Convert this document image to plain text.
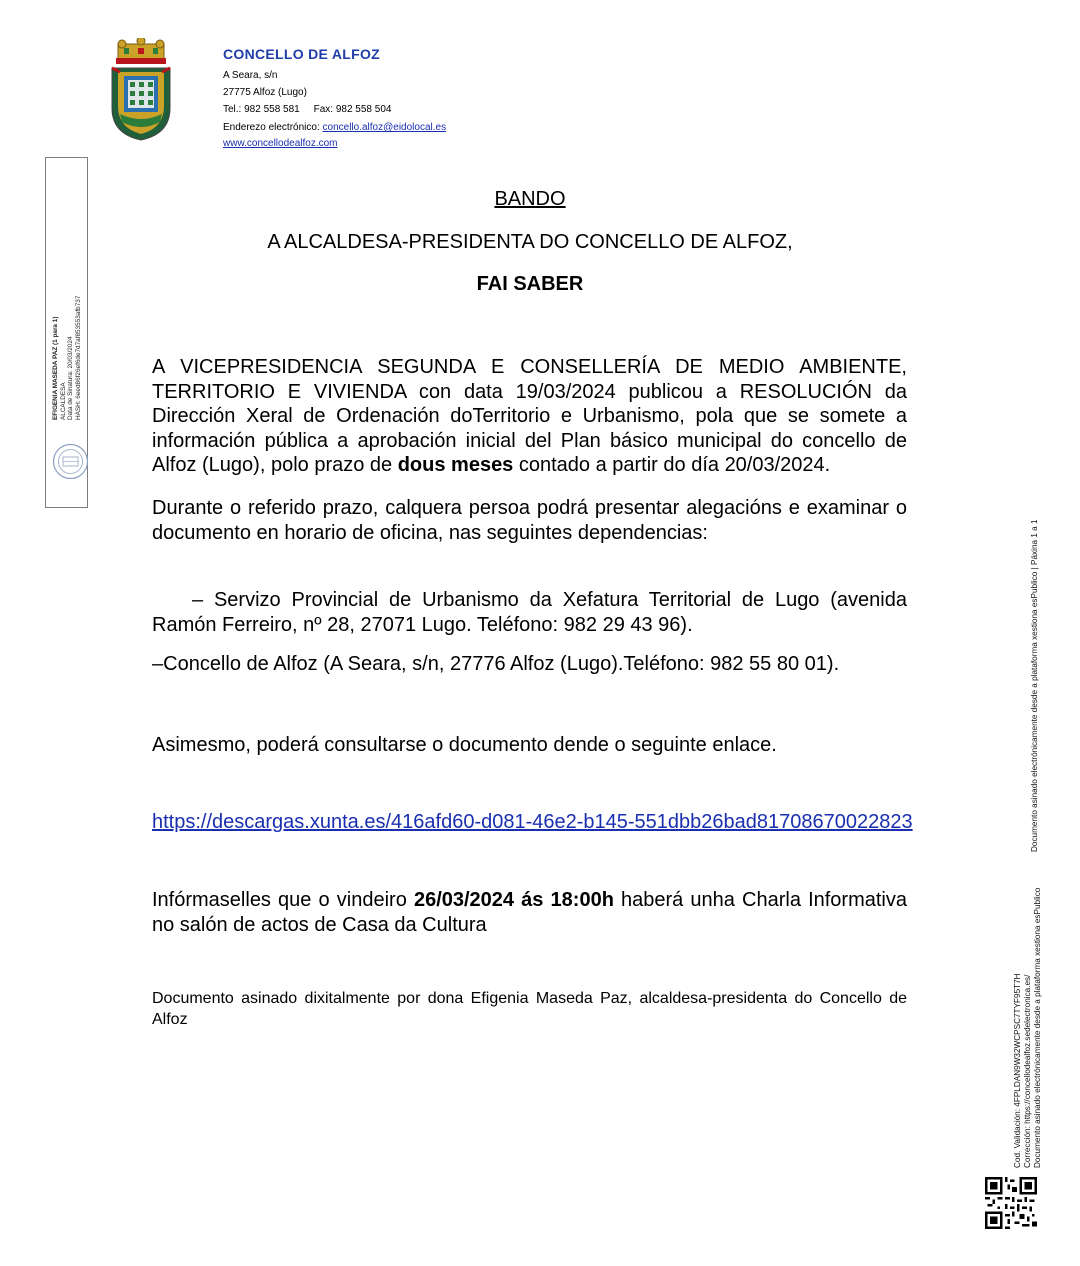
CONCELLO DE ALFOZ
A Seara, s/n
27775 Alfoz (Lugo)
Tel.: 982 558 581     Fax: 982 558 504
Enderezo electrónico: concello.alfoz@eidolocal.es
www.concellodealfoz.com
EFIGENIA MASEDA PAZ (1 para 1) ALCALDESA Data de Sinatura: 20/03/2024 HASH: 6eed86f26ef6de7d7af853553afb737
BANDO
A ALCALDESA-PRESIDENTA DO CONCELLO DE ALFOZ,
FAI SABER
A VICEPRESIDENCIA SEGUNDA E CONSELLERÍA DE MEDIO AMBIENTE, TERRITORIO E VIVIENDA con data 19/03/2024 publicou a RESOLUCIÓN da Dirección Xeral de Ordenación doTerritorio e Urbanismo, pola que se somete a información pública a aprobación inicial del Plan básico municipal do concello de Alfoz (Lugo), polo prazo de dous meses contado a partir do día 20/03/2024.
Durante o referido prazo, calquera persoa podrá presentar alegacións e examinar o documento en horario de oficina, nas seguintes dependencias:
– Servizo Provincial de Urbanismo da Xefatura Territorial de Lugo (avenida Ramón Ferreiro, nº 28, 27071 Lugo. Teléfono: 982 29 43 96).
–Concello de Alfoz (A Seara, s/n, 27776 Alfoz (Lugo).Teléfono: 982 55 80 01).
Asimesmo, poderá consultarse o documento dende o seguinte enlace.
https://descargas.xunta.es/416afd60-d081-46e2-b145-551dbb26bad81708670022823
Infórmaselles que o vindeiro 26/03/2024 ás 18:00h haberá unha Charla Informativa no salón de actos de Casa da Cultura
Documento asinado dixitalmente por dona Efigenia Maseda Paz, alcaldesa-presidenta do Concello de Alfoz	Cod. Validación: 4FPLDAN9W32WCPSC7TYF95T7H Corrección: https://concellodealfoz.sedelectronica.es/ Documento asinado electrónicamente desde a plataforma xestiona esPublico
Documento asinado electrónicamente desde a plataforma xestiona esPublico | Páxina 1 a 1
